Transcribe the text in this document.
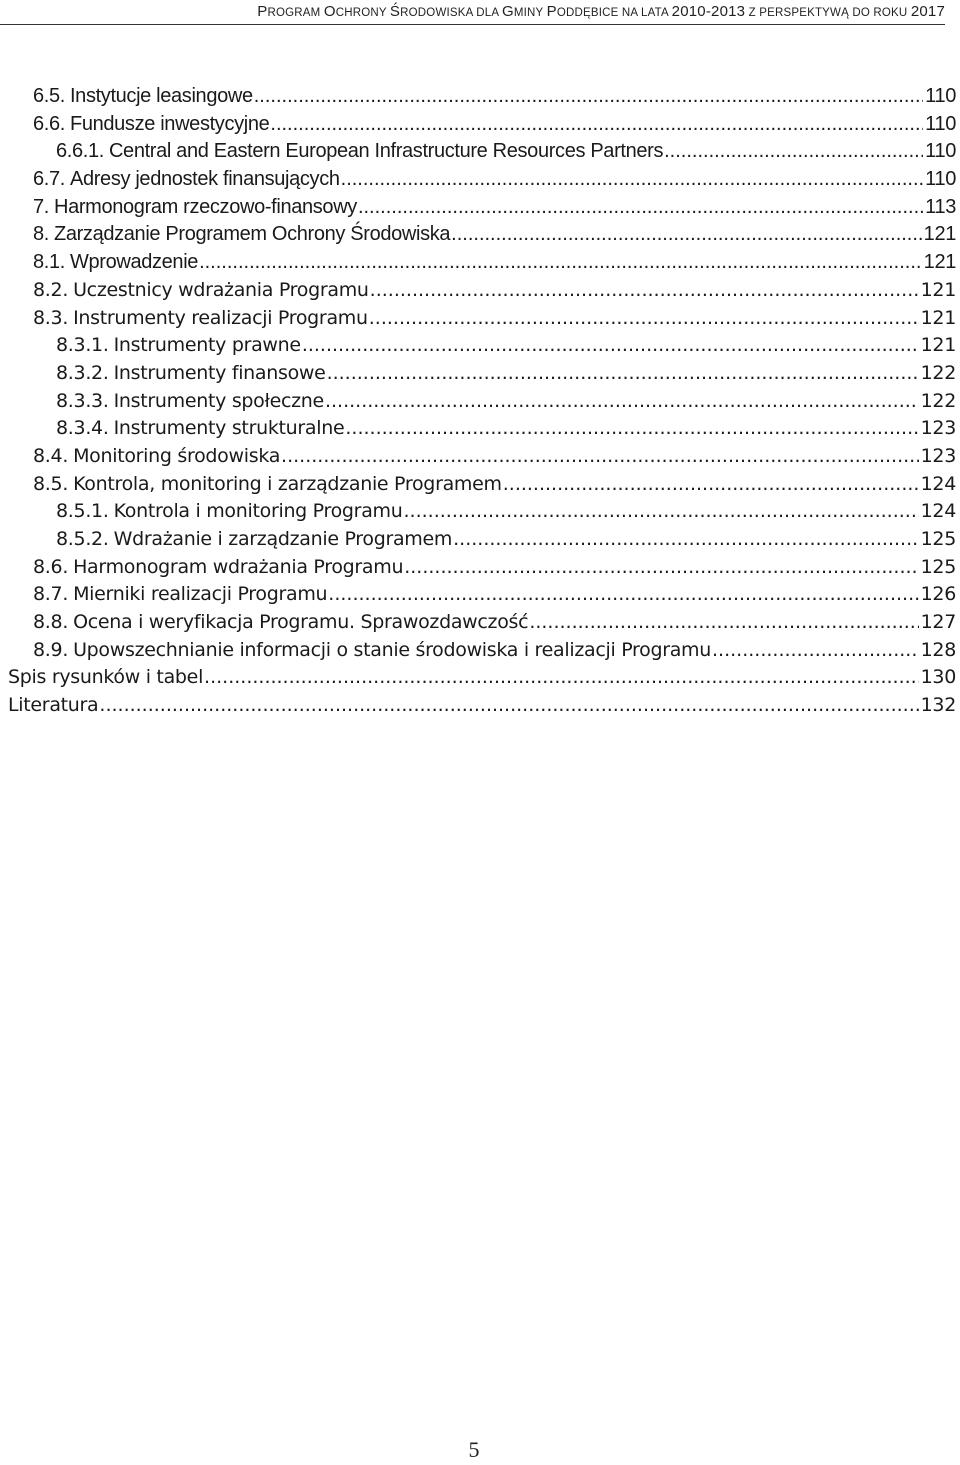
PROGRAM OCHRONY ŚRODOWISKA DLA GMINY PODDĘBICE NA LATA 2010-2013 Z PERSPEKTYWĄ DO ROKU 2017
6.5. Instytucje leasingowe .....	110
6.6. Fundusze inwestycyjne .....	110
6.6.1. Central and Eastern European Infrastructure Resources Partners .....	110
6.7. Adresy jednostek finansujących .....	110
7. Harmonogram rzeczowo-finansowy .....	113
8. Zarządzanie Programem Ochrony Środowiska .....	121
8.1. Wprowadzenie .....	121
8.2. Uczestnicy wdrażania Programu .....	121
8.3. Instrumenty realizacji Programu .....	121
8.3.1. Instrumenty prawne .....	121
8.3.2. Instrumenty finansowe .....	122
8.3.3. Instrumenty społeczne .....	122
8.3.4. Instrumenty strukturalne .....	123
8.4. Monitoring środowiska .....	123
8.5. Kontrola, monitoring i zarządzanie Programem .....	124
8.5.1. Kontrola i monitoring Programu .....	124
8.5.2. Wdrażanie i zarządzanie Programem .....	125
8.6. Harmonogram wdrażania Programu .....	125
8.7. Mierniki realizacji Programu .....	126
8.8. Ocena i weryfikacja Programu. Sprawozdawczość .....	127
8.9. Upowszechnianie informacji o stanie środowiska i realizacji Programu .....	128
Spis rysunków i tabel .....	130
Literatura .....	132
5
